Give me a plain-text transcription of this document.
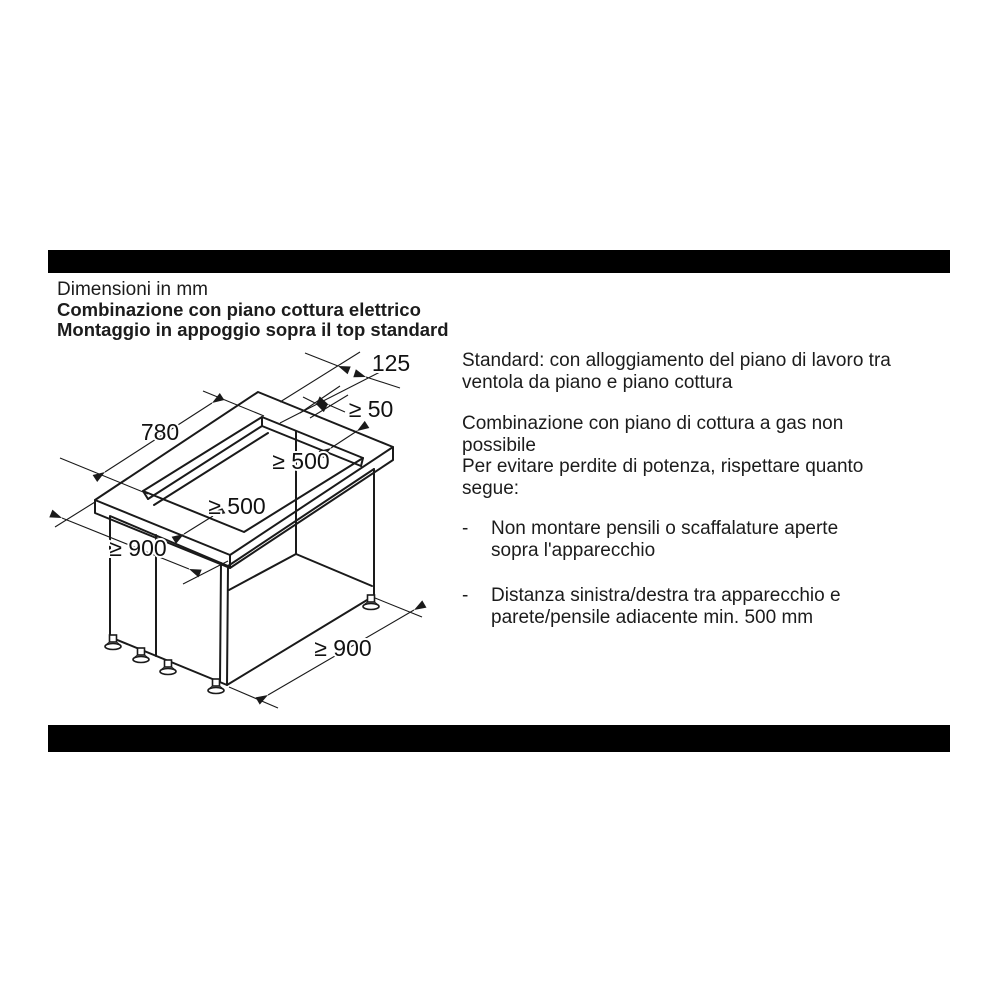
Dimensioni in mm
Combinazione con piano cottura elettrico
Montaggio in appoggio sopra il top standard
780
125
≥ 50
≥ 500
≥ 500
≥ 900
≥ 900
Standard: con alloggiamento del piano di lavoro tra
ventola da piano e piano cottura
Combinazione con piano di cottura a gas non
possibile
Per evitare perdite di potenza, rispettare quanto
segue:
-	Non montare pensili o scaffalature aperte
sopra l'apparecchio
-	Distanza sinistra/destra tra apparecchio e
parete/pensile adiacente min. 500 mm
